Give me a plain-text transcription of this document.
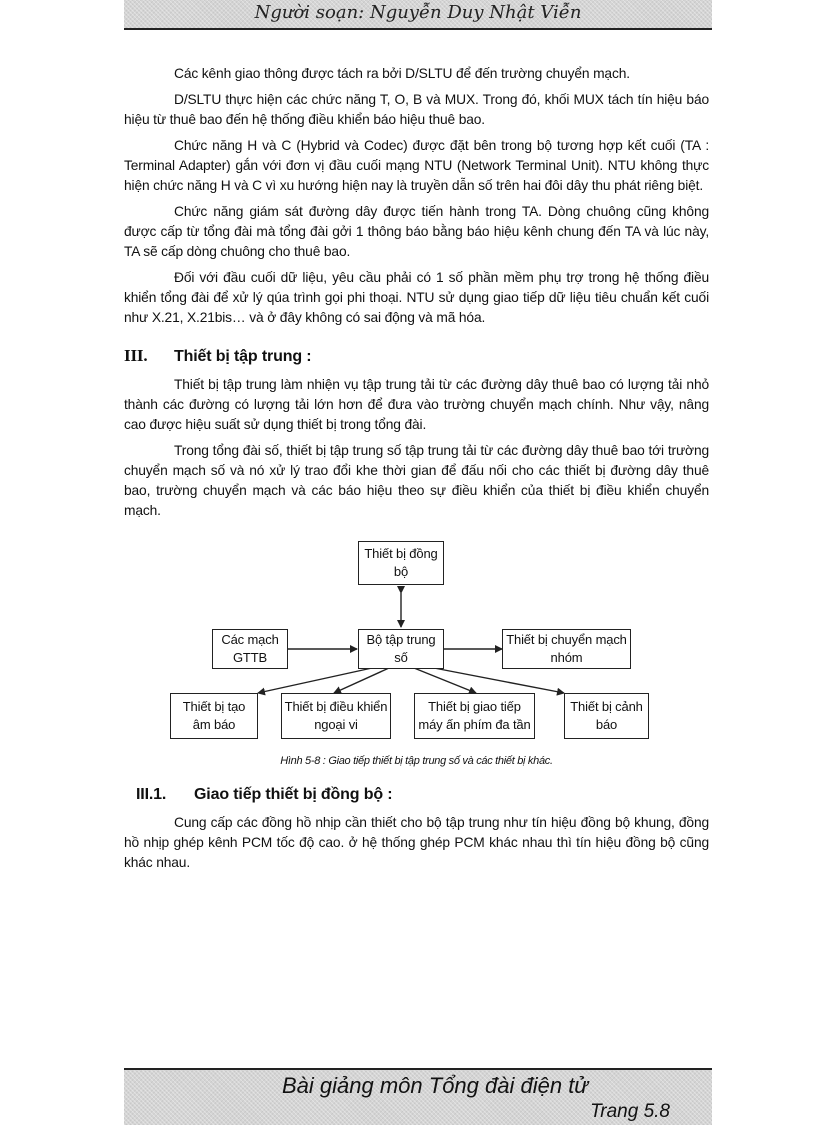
Người soạn: Nguyễn Duy Nhật Viễn

Các kênh giao thông được tách ra bởi D/SLTU để đến trường chuyển mạch.

D/SLTU thực hiện các chức năng T, O, B và MUX. Trong đó, khối MUX tách tín hiệu báo hiệu từ thuê bao đến hệ thống điều khiển báo hiệu thuê bao.

Chức năng H và C (Hybrid và Codec) được đặt bên trong bộ tương hợp kết cuối (TA : Terminal Adapter) gắn với đơn vị đầu cuối mạng NTU (Network Terminal Unit). NTU không thực hiện chức năng H và C vì xu hướng hiện nay là truyền dẫn số trên hai đôi dây thu phát riêng biệt.

Chức năng giám sát đường dây được tiến hành trong TA. Dòng chuông cũng không được cấp từ tổng đài mà tổng đài gởi 1 thông báo bằng báo hiệu kênh chung đến TA và lúc này, TA sẽ cấp dòng chuông cho thuê bao.

Đối với đầu cuối dữ liệu, yêu cầu phải có 1 số phần mềm phụ trợ trong hệ thống điều khiển tổng đài để xử lý qúa trình gọi phi thoại. NTU sử dụng giao tiếp dữ liệu tiêu chuẩn kết cuối như X.21, X.21bis… và ở đây không có sai động và mã hóa.

III.	Thiết bị tập trung :

Thiết bị tập trung làm nhiện vụ tập trung tải từ các đường dây thuê bao có lượng tải nhỏ thành các đường có lượng tải lớn hơn để đưa vào trường chuyển mạch chính. Như vậy, nâng cao được hiệu suất sử dụng thiết bị trong tổng đài.

Trong tổng đài số, thiết bị tập trung số tập trung tải từ các đường dây thuê bao tới trường chuyển mạch số và nó xử lý trao đổi khe thời gian để đấu nối cho các thiết bị đường dây thuê bao, trường chuyển mạch và các báo hiệu theo sự điều khiển của thiết bị điều khiển chuyển mạch.

Thiết bị đồng bộ
Bộ tập trung số
Các mạch GTTB
Thiết bị chuyển mạch nhóm
Thiết bị tạo âm báo
Thiết bị điều khiển ngoại vi
Thiết bị giao tiếp máy ấn phím đa tần
Thiết bị cảnh báo
Hình 5-8 : Giao tiếp thiết bị tập trung số và các thiết bị khác.
III.1.	Giao tiếp thiết bị đồng bộ :

Cung cấp các đồng hồ nhịp cần thiết cho bộ tập trung như tín hiệu đồng bộ khung, đồng hồ nhịp ghép kênh PCM tốc độ cao. ở hệ thống ghép PCM khác nhau thì tín hiệu đồng bộ cũng khác nhau.

Bài giảng môn Tổng đài điện tử
Trang 5.8
